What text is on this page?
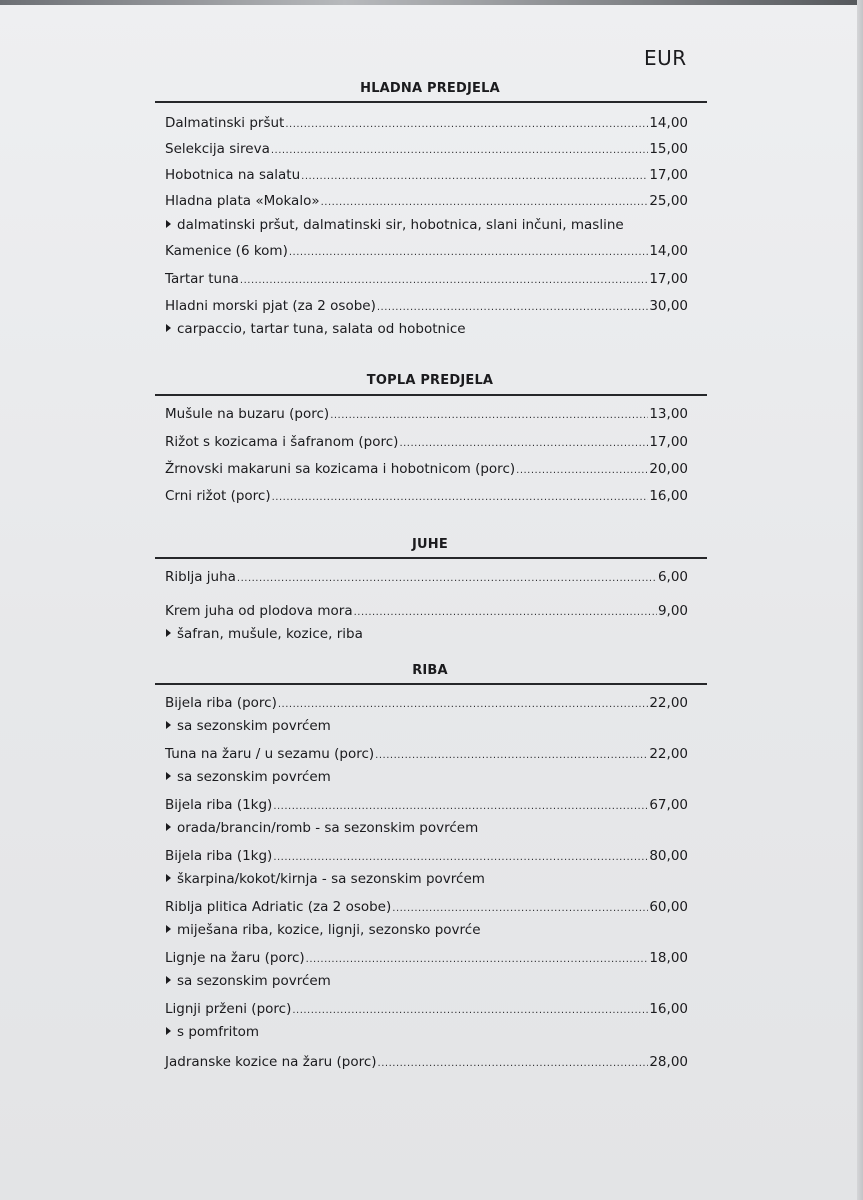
EUR
HLADNA PREDJELA
Dalmatinski pršut .....	14,00
Selekcija sireva .....	15,00
Hobotnica na salatu .....	17,00
Hladna plata «Mokalo» .....	25,00
dalmatinski pršut, dalmatinski sir, hobotnica, slani inčuni, masline
Kamenice (6 kom) .....	14,00
Tartar tuna .....	17,00
Hladni morski pjat (za 2 osobe) .....	30,00
carpaccio, tartar tuna, salata od hobotnice
TOPLA PREDJELA
Mušule na buzaru (porc) .....	13,00
Rižot s kozicama i šafranom (porc) .....	17,00
Žrnovski makaruni sa kozicama i hobotnicom (porc) .....	20,00
Crni rižot (porc) .....	16,00
JUHE
Riblja juha .....	6,00
Krem juha od plodova mora .....	9,00
šafran, mušule, kozice, riba
RIBA
Bijela riba (porc) .....	22,00
sa sezonskim povrćem
Tuna na žaru / u sezamu (porc) .....	22,00
sa sezonskim povrćem
Bijela riba (1kg) .....	67,00
orada/brancin/romb - sa sezonskim povrćem
Bijela riba (1kg) .....	80,00
škarpina/kokot/kirnja - sa sezonskim povrćem
Riblja plitica Adriatic (za 2 osobe) .....	60,00
miješana riba, kozice, lignji, sezonsko povrće
Lignje na žaru (porc) .....	18,00
sa sezonskim povrćem
Lignji prženi (porc) .....	16,00
s pomfritom
Jadranske kozice na žaru (porc) .....	28,00
